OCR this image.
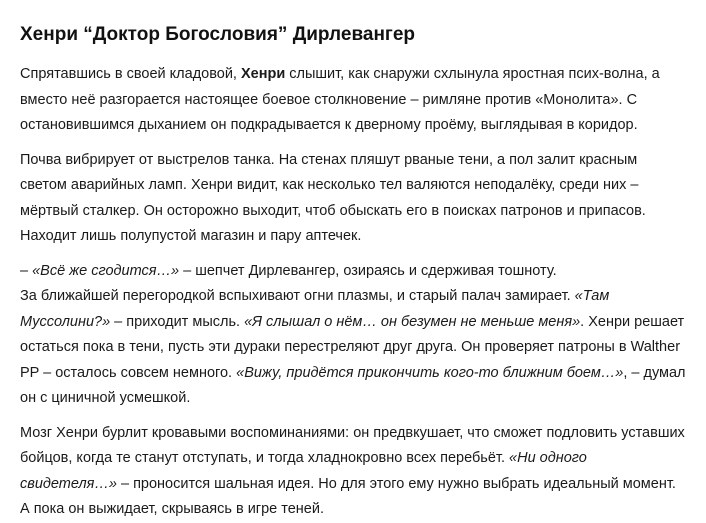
Хенри “Доктор Богословия” Дирлевангер

Спрятавшись в своей кладовой, Хенри слышит, как снаружи схлынула яростная псих-волна, а вместо неё разгорается настоящее боевое столкновение – римляне против «Монолита». С остановившимся дыханием он подкрадывается к дверному проёму, выглядывая в коридор.

Почва вибрирует от выстрелов танка. На стенах пляшут рваные тени, а пол залит красным светом аварийных ламп. Хенри видит, как несколько тел валяются неподалёку, среди них – мёртвый сталкер. Он осторожно выходит, чтоб обыскать его в поисках патронов и припасов. Находит лишь полупустой магазин и пару аптечек.

– «Всё же сгодится…» – шепчет Дирлевангер, озираясь и сдерживая тошноту.

За ближайшей перегородкой вспыхивают огни плазмы, и старый палач замирает. «Там Муссолини?» – приходит мысль. «Я слышал о нём… он безумен не меньше меня». Хенри решает остаться пока в тени, пусть эти дураки перестреляют друг друга. Он проверяет патроны в Walther PP – осталось совсем немного. «Вижу, придётся прикончить кого-то ближним боем…», – думал он с циничной усмешкой.

Мозг Хенри бурлит кровавыми воспоминаниями: он предвкушает, что сможет подловить уставших бойцов, когда те станут отступать, и тогда хладнокровно всех перебьёт. «Ни одного свидетеля…» – проносится шальная идея. Но для этого ему нужно выбрать идеальный момент. А пока он выжидает, скрываясь в игре теней.
